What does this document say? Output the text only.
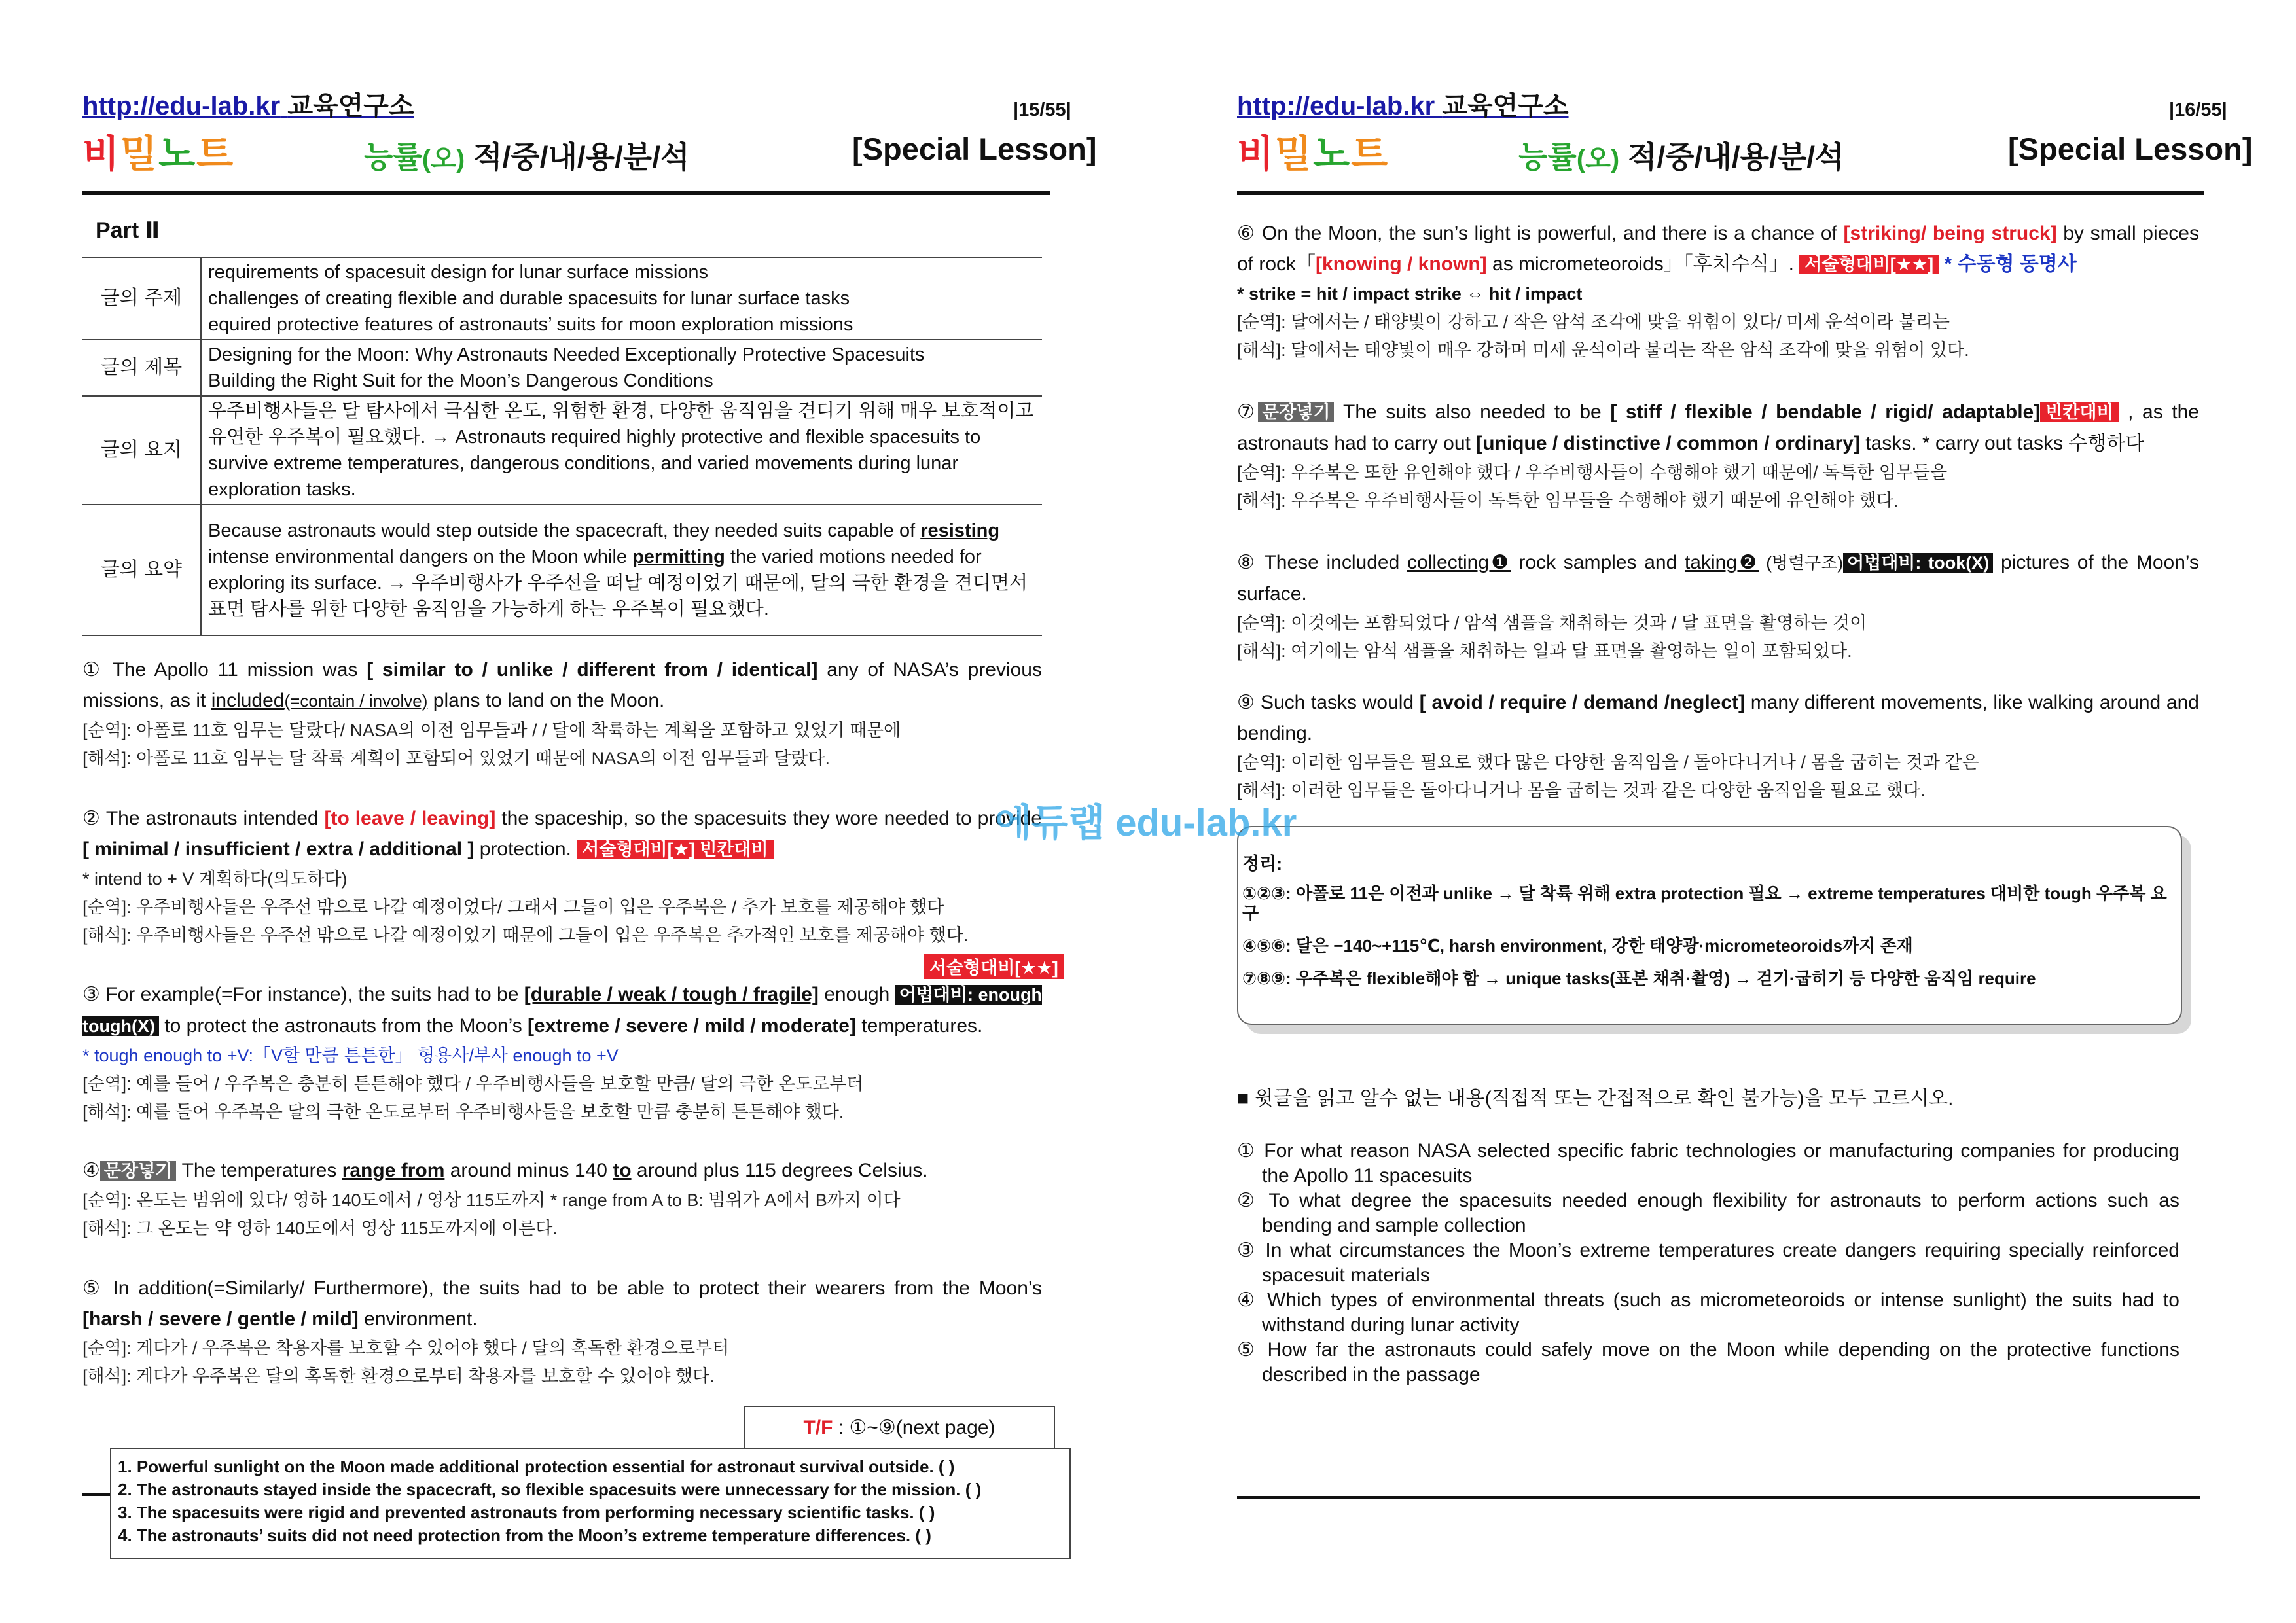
http://edu-lab.kr 교육연구소	|15/55|
비밀노트	능률(오) 적/중/내/용/분/석	[Special Lesson]
Part Ⅱ
글의 주제	requirements of spacesuit design for lunar surface missions
challenges of creating flexible and durable spacesuits for lunar surface tasks
equired protective features of astronauts’ suits for moon exploration missions

글의 제목	Designing for the Moon: Why Astronauts Needed Exceptionally Protective Spacesuits
Building the Right Suit for the Moon’s Dangerous Conditions

글의 요지	우주비행사들은 달 탐사에서 극심한 온도, 위험한 환경, 다양한 움직임을 견디기 위해 매우 보호적이고 유연한 우주복이 필요했다. → Astronauts required highly protective and flexible spacesuits to survive extreme temperatures, dangerous conditions, and varied movements during lunar exploration tasks.
글의 요약	Because astronauts would step outside the spacecraft, they needed suits capable of resisting intense environmental dangers on the Moon while permitting the varied motions needed for exploring its surface. → 우주비행사가 우주선을 떠날 예정이었기 때문에, 달의 극한 환경을 견디면서 표면 탐사를 위한 다양한 움직임을 가능하게 하는 우주복이 필요했다.
① The Apollo 11 mission was [ similar to / unlike / different from / identical] any of NASA’s previous missions, as it included(=contain / involve) plans to land on the Moon.
[순역]: 아폴로 11호 임무는 달랐다/ NASA의 이전 임무들과 / / 달에 착륙하는 계획을 포함하고 있었기 때문에
[해석]: 아폴로 11호 임무는 달 착륙 계획이 포함되어 있었기 때문에 NASA의 이전 임무들과 달랐다.
② The astronauts intended [to leave / leaving] the spaceship, so the spacesuits they wore needed to provide [ minimal / insufficient / extra / additional ] protection. 서술형대비[★] 빈칸대비
* intend to + V 계획하다(의도하다)
[순역]: 우주비행사들은 우주선 밖으로 나갈 예정이었다/ 그래서 그들이 입은 우주복은 / 추가 보호를 제공해야 했다
[해석]: 우주비행사들은 우주선 밖으로 나갈 예정이었기 때문에 그들이 입은 우주복은 추가적인 보호를 제공해야 했다.
서술형대비[★★]
③ For example(=For instance), the suits had to be [durable / weak / tough / fragile] enough 어법대비: enough tough(X) to protect the astronauts from the Moon’s [extreme / severe / mild / moderate] temperatures.
* tough enough to +V:「V할 만큼 튼튼한」 형용사/부사 enough to +V
[순역]: 예를 들어 / 우주복은 충분히 튼튼해야 했다 / 우주비행사들을 보호할 만큼/ 달의 극한 온도로부터
[해석]: 예를 들어 우주복은 달의 극한 온도로부터 우주비행사들을 보호할 만큼 충분히 튼튼해야 했다.
④ 문장넣기 The temperatures range from around minus 140 to around plus 115 degrees Celsius.
[순역]: 온도는 범위에 있다/ 영하 140도에서 / 영상 115도까지 * range from A to B: 범위가 A에서 B까지 이다
[해석]: 그 온도는 약 영하 140도에서 영상 115도까지에 이른다.
⑤ In addition(=Similarly/ Furthermore), the suits had to be able to protect their wearers from the Moon’s [harsh / severe / gentle / mild] environment.
[순역]: 게다가 / 우주복은 착용자를 보호할 수 있어야 했다 / 달의 혹독한 환경으로부터
[해석]: 게다가 우주복은 달의 혹독한 환경으로부터 착용자를 보호할 수 있어야 했다.
T/F : ①~⑨(next page)
1. Powerful sunlight on the Moon made additional protection essential for astronaut survival outside. ( )
2. The astronauts stayed inside the spacecraft, so flexible spacesuits were unnecessary for the mission. ( )
3. The spacesuits were rigid and prevented astronauts from performing necessary scientific tasks. ( )
4. The astronauts’ suits did not need protection from the Moon’s extreme temperature differences. ( )
http://edu-lab.kr 교육연구소	|16/55|
비밀노트	능률(오) 적/중/내/용/분/석	[Special Lesson]
⑥ On the Moon, the sun’s light is powerful, and there is a chance of [striking/ being struck] by small pieces of rock「[knowing / known] as micrometeoroids」「후치수식」. 서술형대비[★★] * 수동형 동명사
* strike = hit / impact strike ⇔ hit / impact
[순역]: 달에서는 / 태양빛이 강하고 / 작은 암석 조각에 맞을 위험이 있다/ 미세 운석이라 불리는
[해석]: 달에서는 태양빛이 매우 강하며 미세 운석이라 불리는 작은 암석 조각에 맞을 위험이 있다.
⑦ 문장넣기 The suits also needed to be [ stiff / flexible / bendable / rigid/ adaptable] 빈칸대비 , as the astronauts had to carry out [unique / distinctive / common / ordinary] tasks. * carry out tasks 수행하다
[순역]: 우주복은 또한 유연해야 했다 / 우주비행사들이 수행해야 했기 때문에/ 독특한 임무들을
[해석]: 우주복은 우주비행사들이 독특한 임무들을 수행해야 했기 때문에 유연해야 했다.
⑧ These included collecting❶ rock samples and taking❷ (병렬구조) 어법대비: took(X) pictures of the Moon’s surface.
[순역]: 이것에는 포함되었다 / 암석 샘플을 채취하는 것과 / 달 표면을 촬영하는 것이
[해석]: 여기에는 암석 샘플을 채취하는 일과 달 표면을 촬영하는 일이 포함되었다.
⑨ Such tasks would [ avoid / require / demand /neglect] many different movements, like walking around and bending.
[순역]: 이러한 임무들은 필요로 했다 많은 다양한 움직임을 / 돌아다니거나 / 몸을 굽히는 것과 같은
[해석]: 이러한 임무들은 돌아다니거나 몸을 굽히는 것과 같은 다양한 움직임을 필요로 했다.
정리:
①②③: 아폴로 11은 이전과 unlike → 달 착륙 위해 extra protection 필요 → extreme temperatures 대비한 tough 우주복 요구
④⑤⑥: 달은 −140~+115℃, harsh environment, 강한 태양광·micrometeoroids까지 존재
⑦⑧⑨: 우주복은 flexible해야 함 → unique tasks(표본 채취·촬영) → 걷기·굽히기 등 다양한 움직임 require
■ 윗글을 읽고 알수 없는 내용(직접적 또는 간접적으로 확인 불가능)을 모두 고르시오.
① For what reason NASA selected specific fabric technologies or manufacturing companies for producing the Apollo 11 spacesuits
② To what degree the spacesuits needed enough flexibility for astronauts to perform actions such as bending and sample collection
③ In what circumstances the Moon’s extreme temperatures create dangers requiring specially reinforced spacesuit materials
④ Which types of environmental threats (such as micrometeoroids or intense sunlight) the suits had to withstand during lunar activity
⑤ How far the astronauts could safely move on the Moon while depending on the protective functions described in the passage
에듀랩 edu-lab.kr
